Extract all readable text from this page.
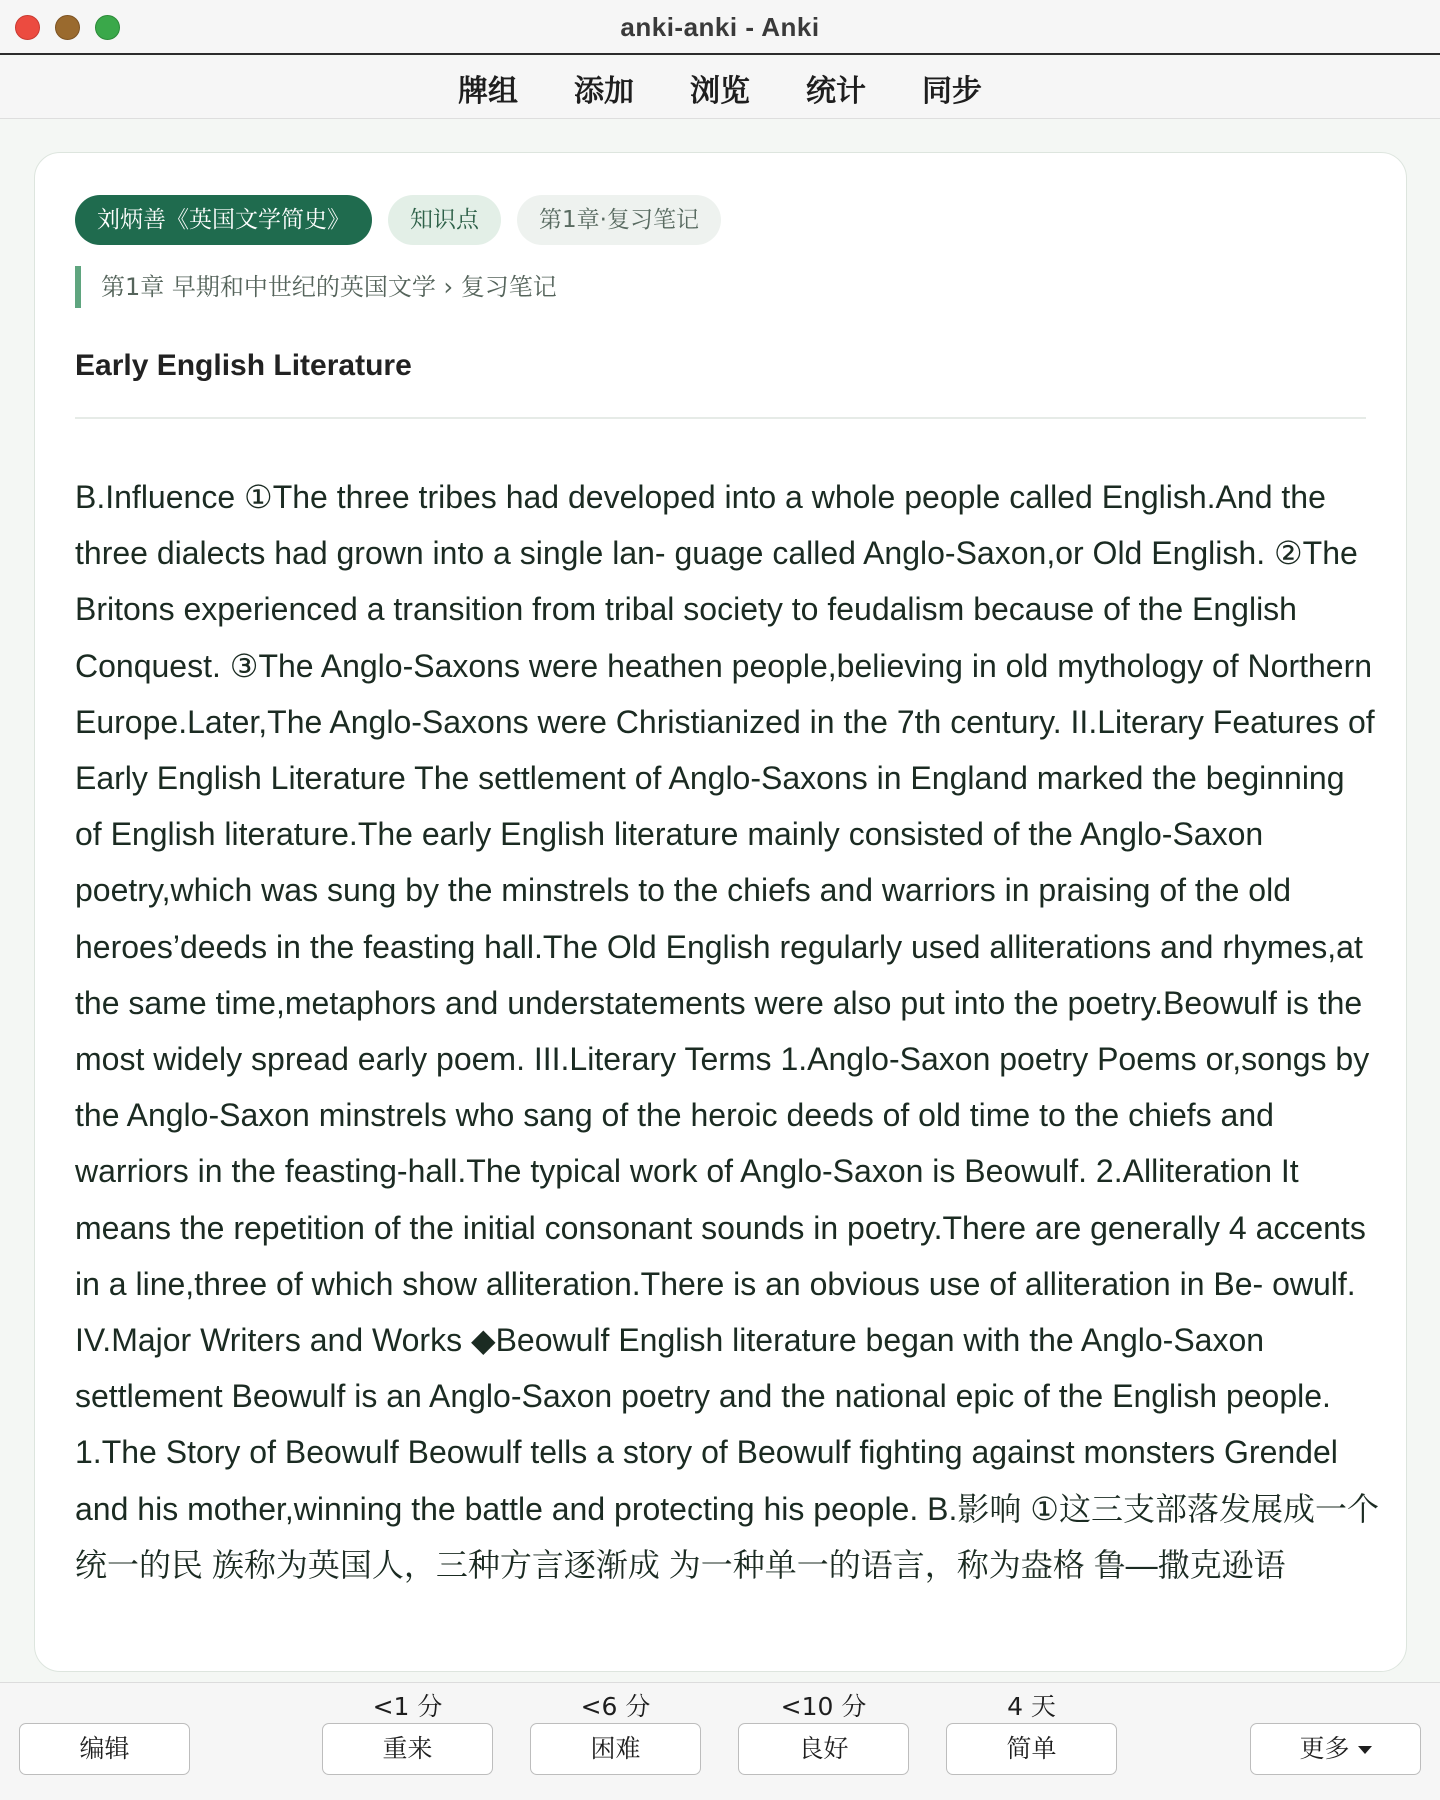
anki-anki - Anki
牌组	添加	浏览	统计	同步
刘炳善《英国文学简史》	知识点	第1章·复习笔记
第1章 早期和中世纪的英国文学 › 复习笔记
Early English Literature
B.Influence ①The three tribes had developed into a whole people called English.And the three dialects had grown into a single lan- guage called Anglo-Saxon,or Old English. ②The Britons experienced a transition from tribal society to feudalism because of the English Conquest. ③The Anglo-Saxons were heathen people,believing in old mythology of Northern Europe.Later,The Anglo-Saxons were Christianized in the 7th century. II.Literary Features of Early English Literature The settlement of Anglo-Saxons in England marked the beginning of English literature.The early English literature mainly consisted of the Anglo-Saxon poetry,which was sung by the minstrels to the chiefs and warriors in praising of the old heroes’deeds in the feasting hall.The Old English regularly used alliterations and rhymes,at the same time,metaphors and understatements were also put into the poetry.Beowulf is the most widely spread early poem. III.Literary Terms 1.Anglo-Saxon poetry Poems or,songs by the Anglo-Saxon minstrels who sang of the heroic deeds of old time to the chiefs and warriors in the feasting-hall.The typical work of Anglo-Saxon is Beowulf. 2.Alliteration It means the repetition of the initial consonant sounds in poetry.There are generally 4 accents in a line,three of which show alliteration.There is an obvious use of alliteration in Be- owulf. IV.Major Writers and Works ◆Beowulf English literature began with the Anglo-Saxon settlement Beowulf is an Anglo-Saxon poetry and the national epic of the English people. 1.The Story of Beowulf Beowulf tells a story of Beowulf fighting against monsters Grendel and his mother,winning the battle and protecting his people. B.影响 ①这三支部落发展成一个统一的民 族称为英国人，三种方言逐渐成 为一种单一的语言，称为盎格 鲁—撒克逊语
<1 分	<6 分	<10 分	4 天
编辑	重来	困难	良好	简单	更多
